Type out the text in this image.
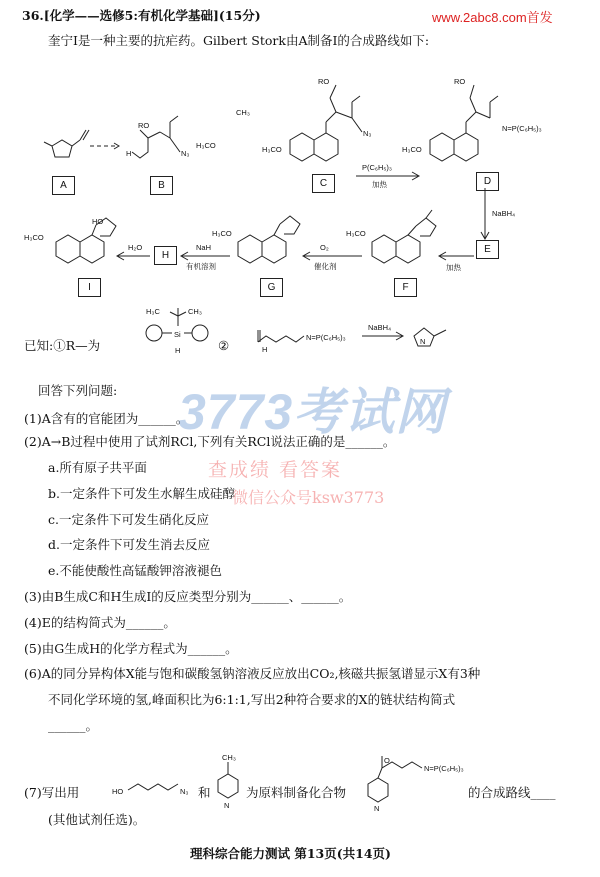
36.[化学——选修5:有机化学基础](15分)	www.2abc8.com首发
奎宁I是一种主要的抗疟药。Gilbert Stork由A制备I的合成路线如下:
RO
H	N₃
H₃CO
CH₃
RO
N₃
H₃CO
P(C₆H₅)₃
加热
RO
N=P(C₆H₅)₃
H₃CO
NaBH₄
加热
H₃CO
O₂
催化剂
H₃CO
NaH
有机溶剂
H₂O
HO
H₃CO
H₃C	CH₃
Si
H	H
N=P(C₆H₅)₃
NaBH₄
N
A	B	C	D
E
F
G
H
I
已知:①R—为	②
3773考试网
查成绩 看答案
微信公众号ksw3773
回答下列问题:
(1)A含有的官能团为______。
(2)A→B过程中使用了试剂RCl,下列有关RCl说法正确的是______。
a.所有原子共平面
b.一定条件下可发生水解生成硅醇
c.一定条件下可发生硝化反应
d.一定条件下可发生消去反应
e.不能使酸性高锰酸钾溶液褪色
(3)由B生成C和H生成I的反应类型分别为______、______。
(4)E的结构简式为______。
(5)由G生成H的化学方程式为______。
(6)A的同分异构体X能与饱和碳酸氢钠溶液反应放出CO₂,核磁共振氢谱显示X有3种
不同化学环境的氢,峰面积比为6:1:1,写出2种符合要求的X的链状结构简式
______。
(7)写出用	HO	N₃
CH₃
N
O
N=P(C₆H₅)₃
N
和	为原料制备化合物	的合成路线____
(其他试剂任选)。
理科综合能力测试 第13页(共14页)
